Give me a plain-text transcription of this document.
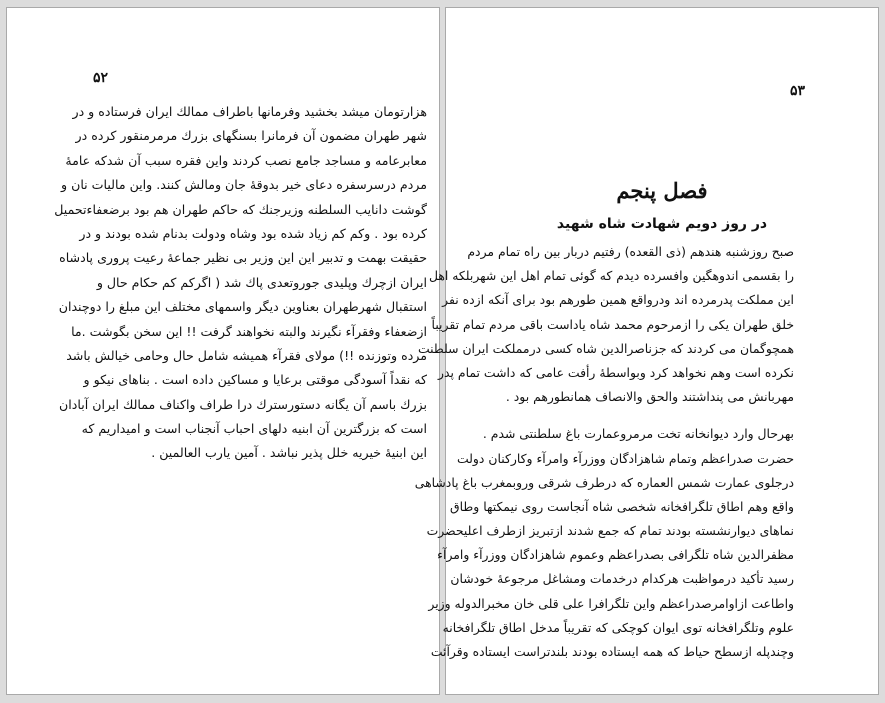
۵۲
هزارتومان میشد بخشید وفرمانها باطراف ممالك ایران فرستاده و در
شهر طهران مضمون آن فرمانرا بسنگهای بزرك مرمرمنقور کرده در
معابرعامه و مساجد جامع نصب کردند واین فقره سبب آن شدکه عامهٔ
مردم درسرسفره دعای خیر بدوقهٔ جان ومالش کنند. واین مالیات نان و
گوشت دانایب السلطنه وزیرجنك که حاکم طهران هم بود برضعفاءتحمیل
کرده بود . وکم کم زیاد شده بود وشاه ودولت بدنام شده بودند و در
حقیقت بهمت و تدبیر این این وزیر بی نظیر جماعهٔ رعیت پروری پادشاه
ایران ازچرك وپلیدی جوروتعدی پاك شد ( اگرکم کم حکام حال و
استقبال شهرطهران بعناوین دیگر واسمهای مختلف این مبلغ را دوچندان
ازضعفاء وفقرآء نگیرند والبته نخواهند گرفت !! این سخن بگوشت .ما
مرده وتوزنده !!) مولای فقرآء همیشه شامل حال وحامی خیالش باشد
که نقداً آسودگی موقتی برعایا و مساکین داده است . بناهای نیکو و
بزرك باسم آن یگانه دستورسترك درا طراف واکناف ممالك ایران آبادان
است که بزرگترین آن ابنیه دلهای احباب آنجناب است و امیداریم که
این ابنیهٔ خیریه خلل پذیر نباشد . آمین یارب العالمین .
۵۳
فصل پنجم
در روز دویم شهادت شاه شهید
صبح روزشنبه هندهم (ذی القعده) رفتیم دربار بین راه تمام مردم
را بقسمی اندوهگین وافسرده دیدم که گوئی تمام اهل این شهربلکه اهل
این مملکت پدرمرده اند ودرواقع همین طورهم بود برای آنکه ازده نفر
خلق طهران یکی را ازمرحوم محمد شاه یاداست باقی مردم تمام تقریباً
همچوگمان می کردند که جزناصرالدین شاه کسی درمملکت ایران سلطنت
نکرده است وهم نخواهد کرد وبواسطهٔ رأفت عامی که داشت تمام پدر
مهربانش می پنداشتند والحق والانصاف همانطورهم بود .
بهرحال وارد دیوانخانه تخت مرمروعمارت باغ سلطنتی شدم .
حضرت صدراعظم وتمام شاهزادگان ووزرآء وامرآء وکارکنان دولت
درجلوی عمارت شمس العماره که درطرف شرقی وروبمغرب باغ پادشاهی
واقع وهم اطاق تلگرافخانه شخصی شاه آنجاست روی نیمکتها وطاق
نماهای دیوارنشسته بودند تمام که جمع شدند ازتبریز ازطرف اعلیحضرت
مظفرالدین شاه تلگرافی بصدراعظم وعموم شاهزادگان ووزرآء وامرآء
رسید تأکید درمواظبت هرکدام درخدمات ومشاغل مرجوعهٔ خودشان
واطاعت ازاوامرصدراعظم واین تلگرافرا علی قلی خان مخبرالدوله وزیر
علوم وتلگرافخانه توی ایوان کوچکی که تقریباً مدخل اطاق تلگرافخانه
وچندپله ازسطح حیاط که همه ایستاده بودند بلندتراست ایستاده وقرآئت
